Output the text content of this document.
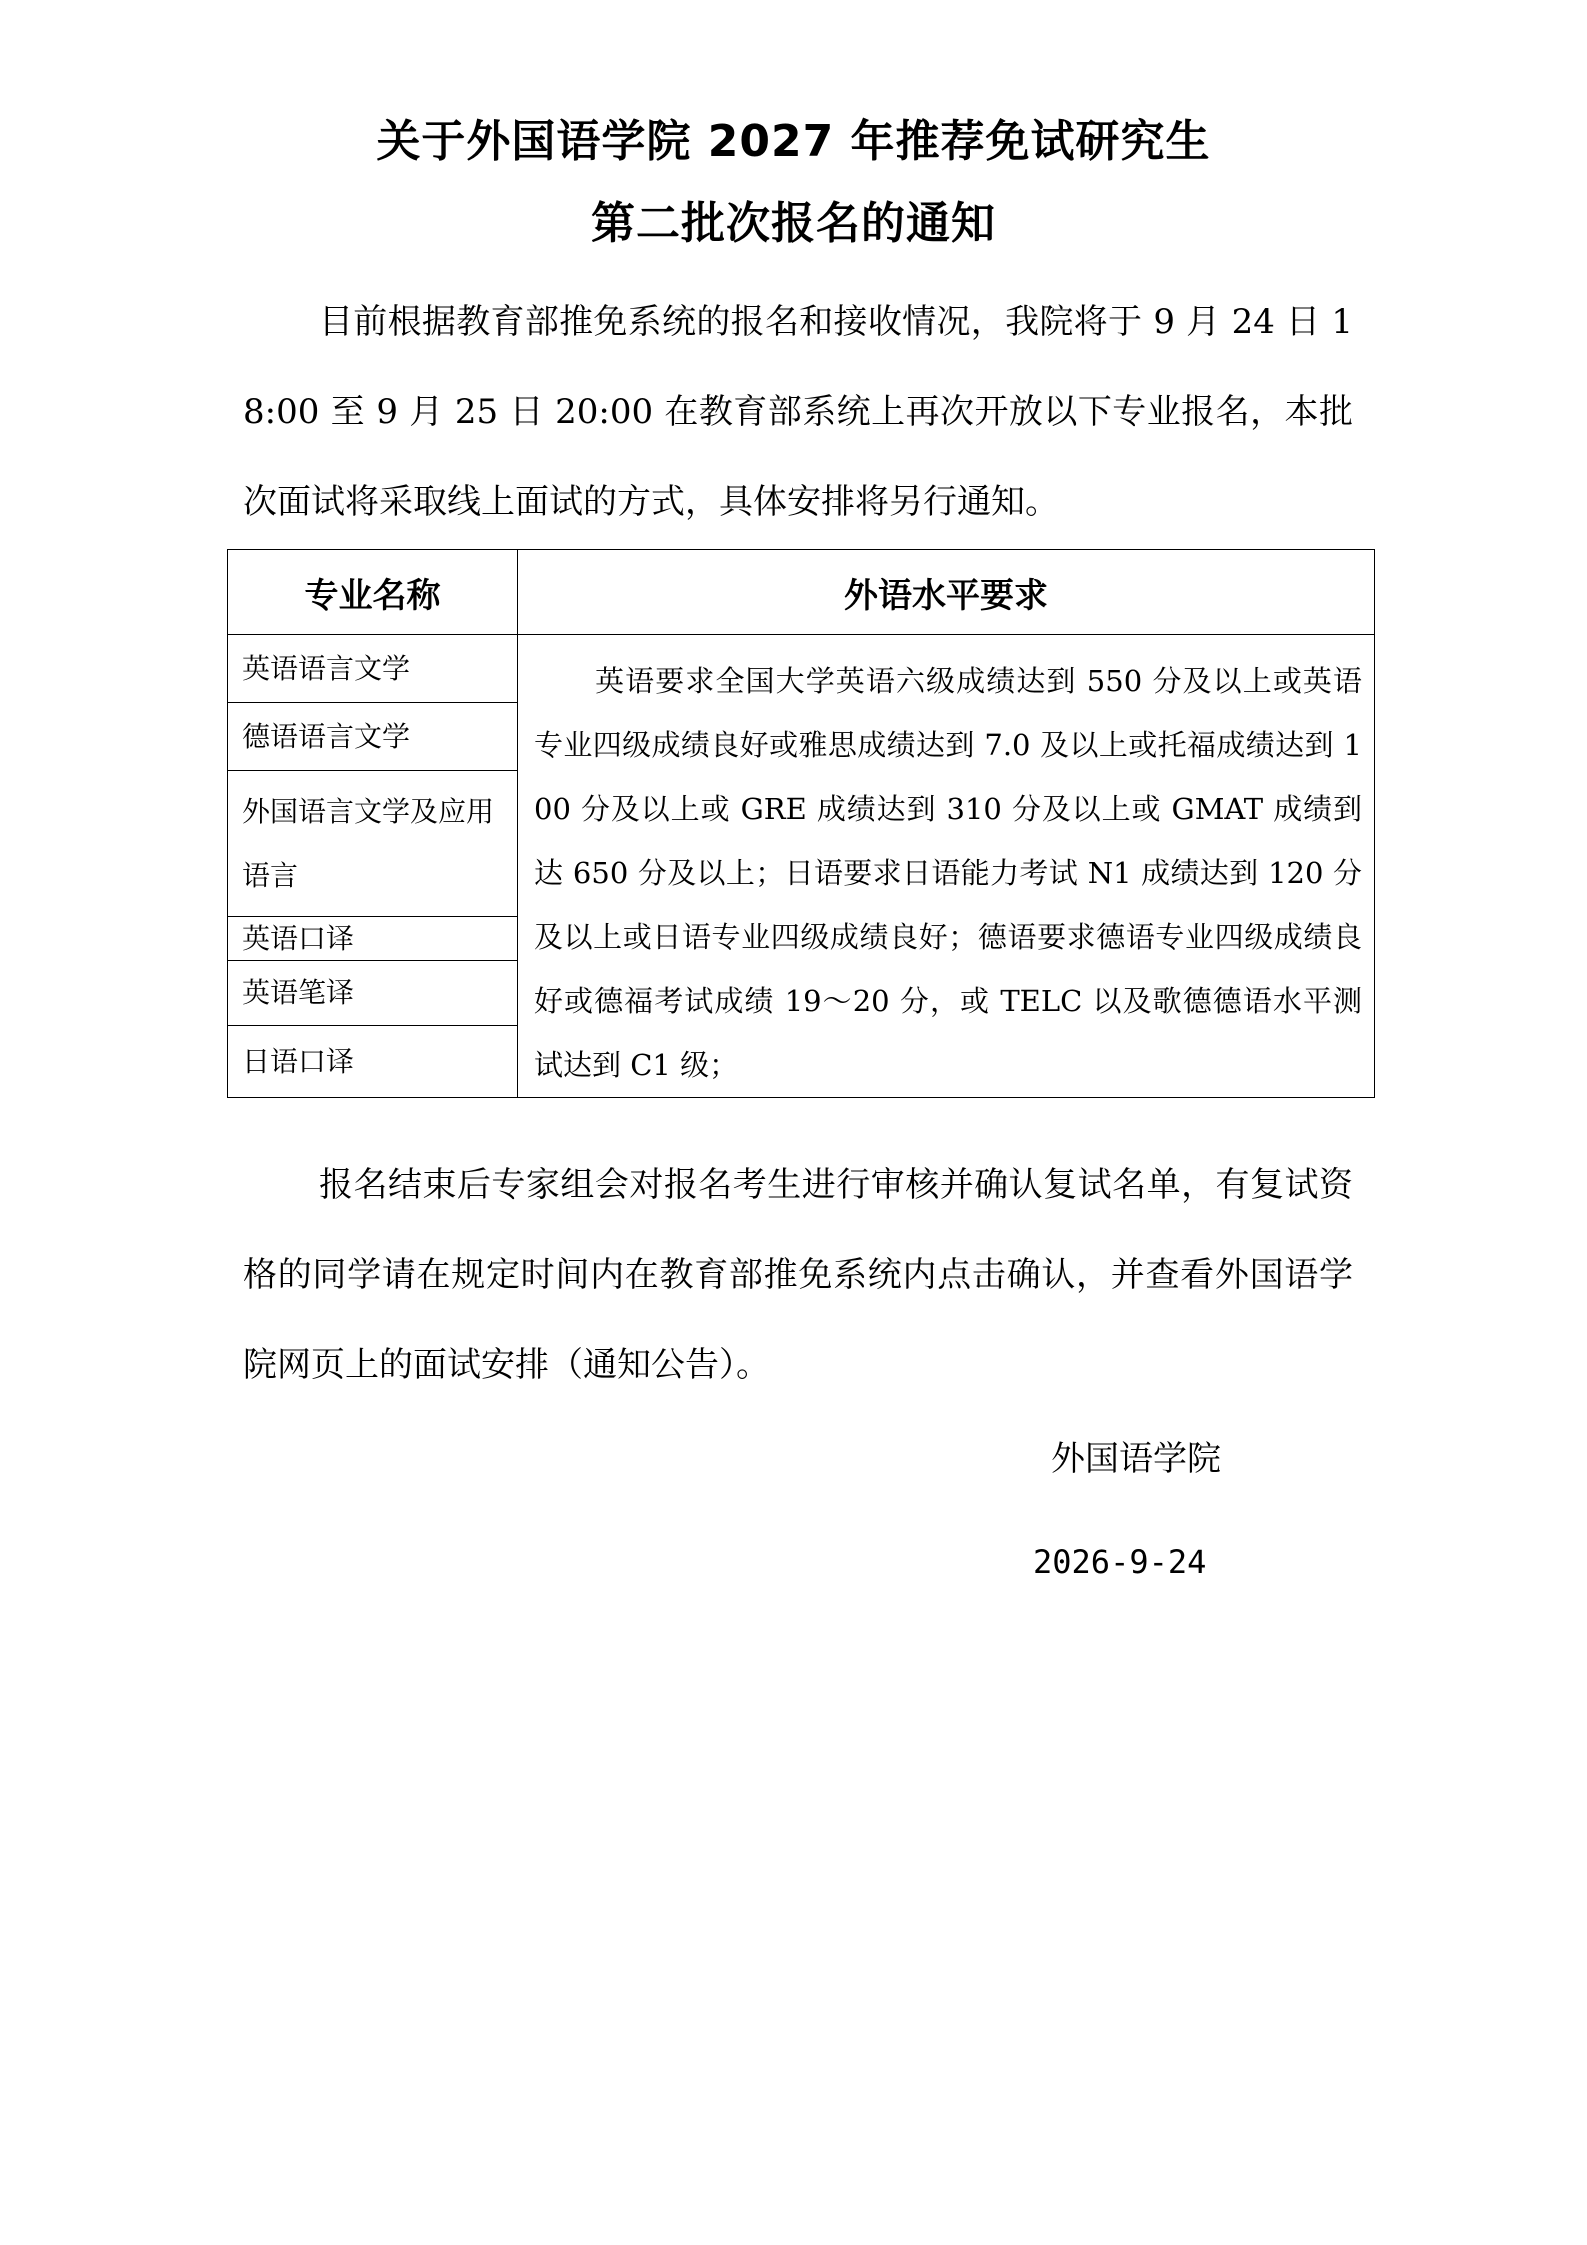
关于外国语学院 2027 年推荐免试研究生
第二批次报名的通知

目前根据教育部推免系统的报名和接收情况，我院将于 9 月 24 日 18:00 至 9 月 25 日 20:00 在教育部系统上再次开放以下专业报名，本批次面试将采取线上面试的方式，具体安排将另行通知。

专业名称	外语水平要求
英语语言文学	英语要求全国大学英语六级成绩达到 550 分及以上或英语专业四级成绩良好或雅思成绩达到 7.0 及以上或托福成绩达到 100 分及以上或 GRE 成绩达到 310 分及以上或 GMAT 成绩到达 650 分及以上；日语要求日语能力考试 N1 成绩达到 120 分及以上或日语专业四级成绩良好；德语要求德语专业四级成绩良好或德福考试成绩 19～20 分，或 TELC 以及歌德德语水平测试达到 C1 级；
德语语言文学	
外国语言文学及应用语言	
英语口译	
英语笔译	
日语口译	

报名结束后专家组会对报名考生进行审核并确认复试名单，有复试资格的同学请在规定时间内在教育部推免系统内点击确认，并查看外国语学院网页上的面试安排（通知公告）。

外国语学院
2026-9-24
